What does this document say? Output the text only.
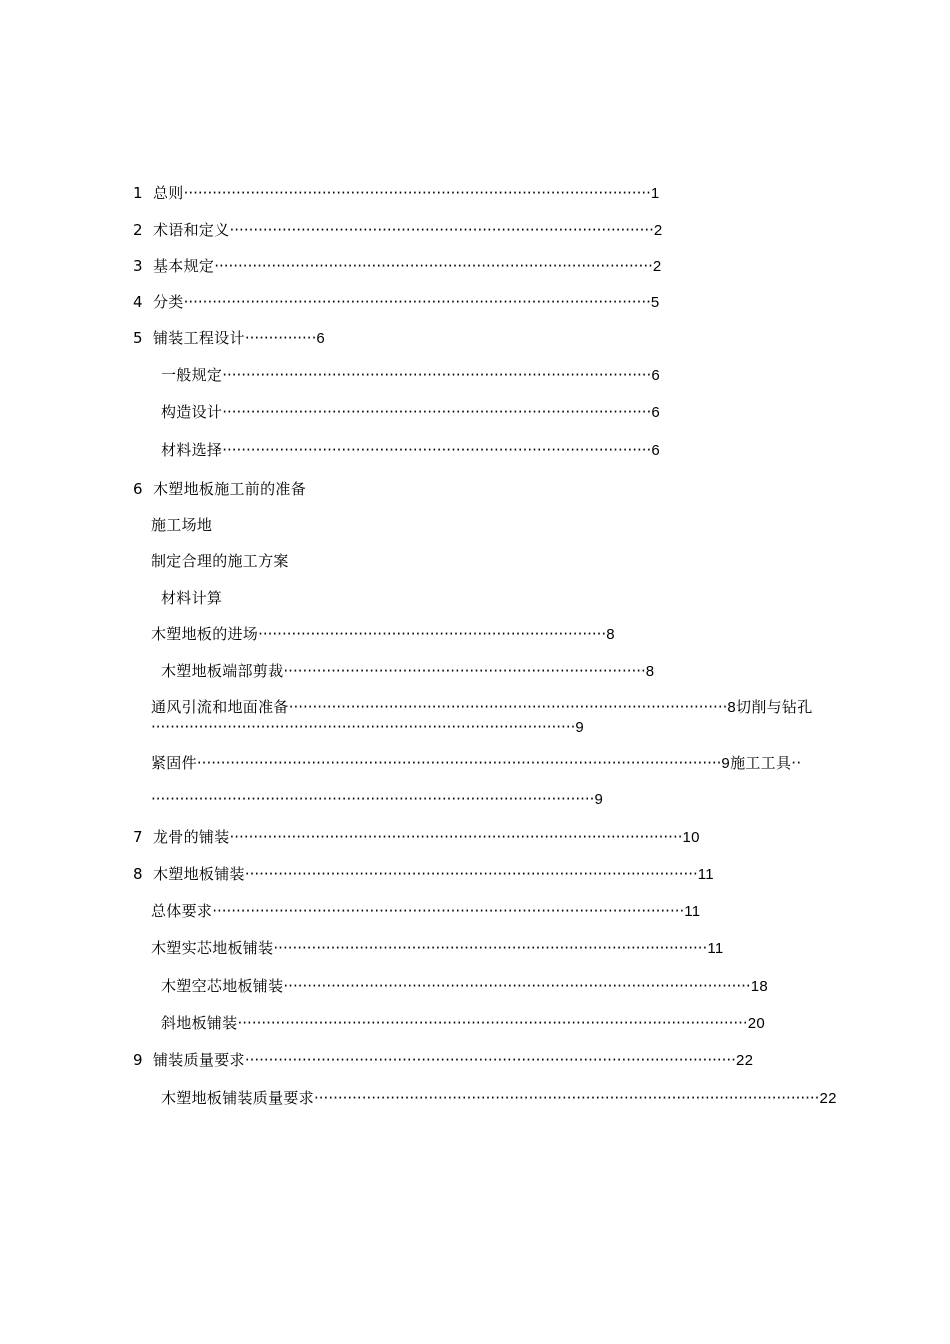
1 总则··································································································1
2 术语和定义·························································································2
3 基本规定····························································································2
4 分类··································································································5
5 铺装工程设计···············6
一般规定··························································································6
构造设计··························································································6
材料选择··························································································6
6 木塑地板施工前的准备
施工场地
制定合理的施工方案
材料计算
木塑地板的进场·········································································8
木塑地板端部剪裁············································································8
通风引流和地面准备····························································································8切削与钻孔
·························································································9
紧固件··············································································································9施工工具··
·····························································································9
7 龙骨的铺装·······························································································10
8 木塑地板铺装·······························································································11
总体要求···································································································11
木塑实芯地板铺装···························································································11
木塑空芯地板铺装··································································································18
斜地板铺装···········································································································20
9 铺装质量要求·······································································································22
木塑地板铺装质量要求··········································································································22
